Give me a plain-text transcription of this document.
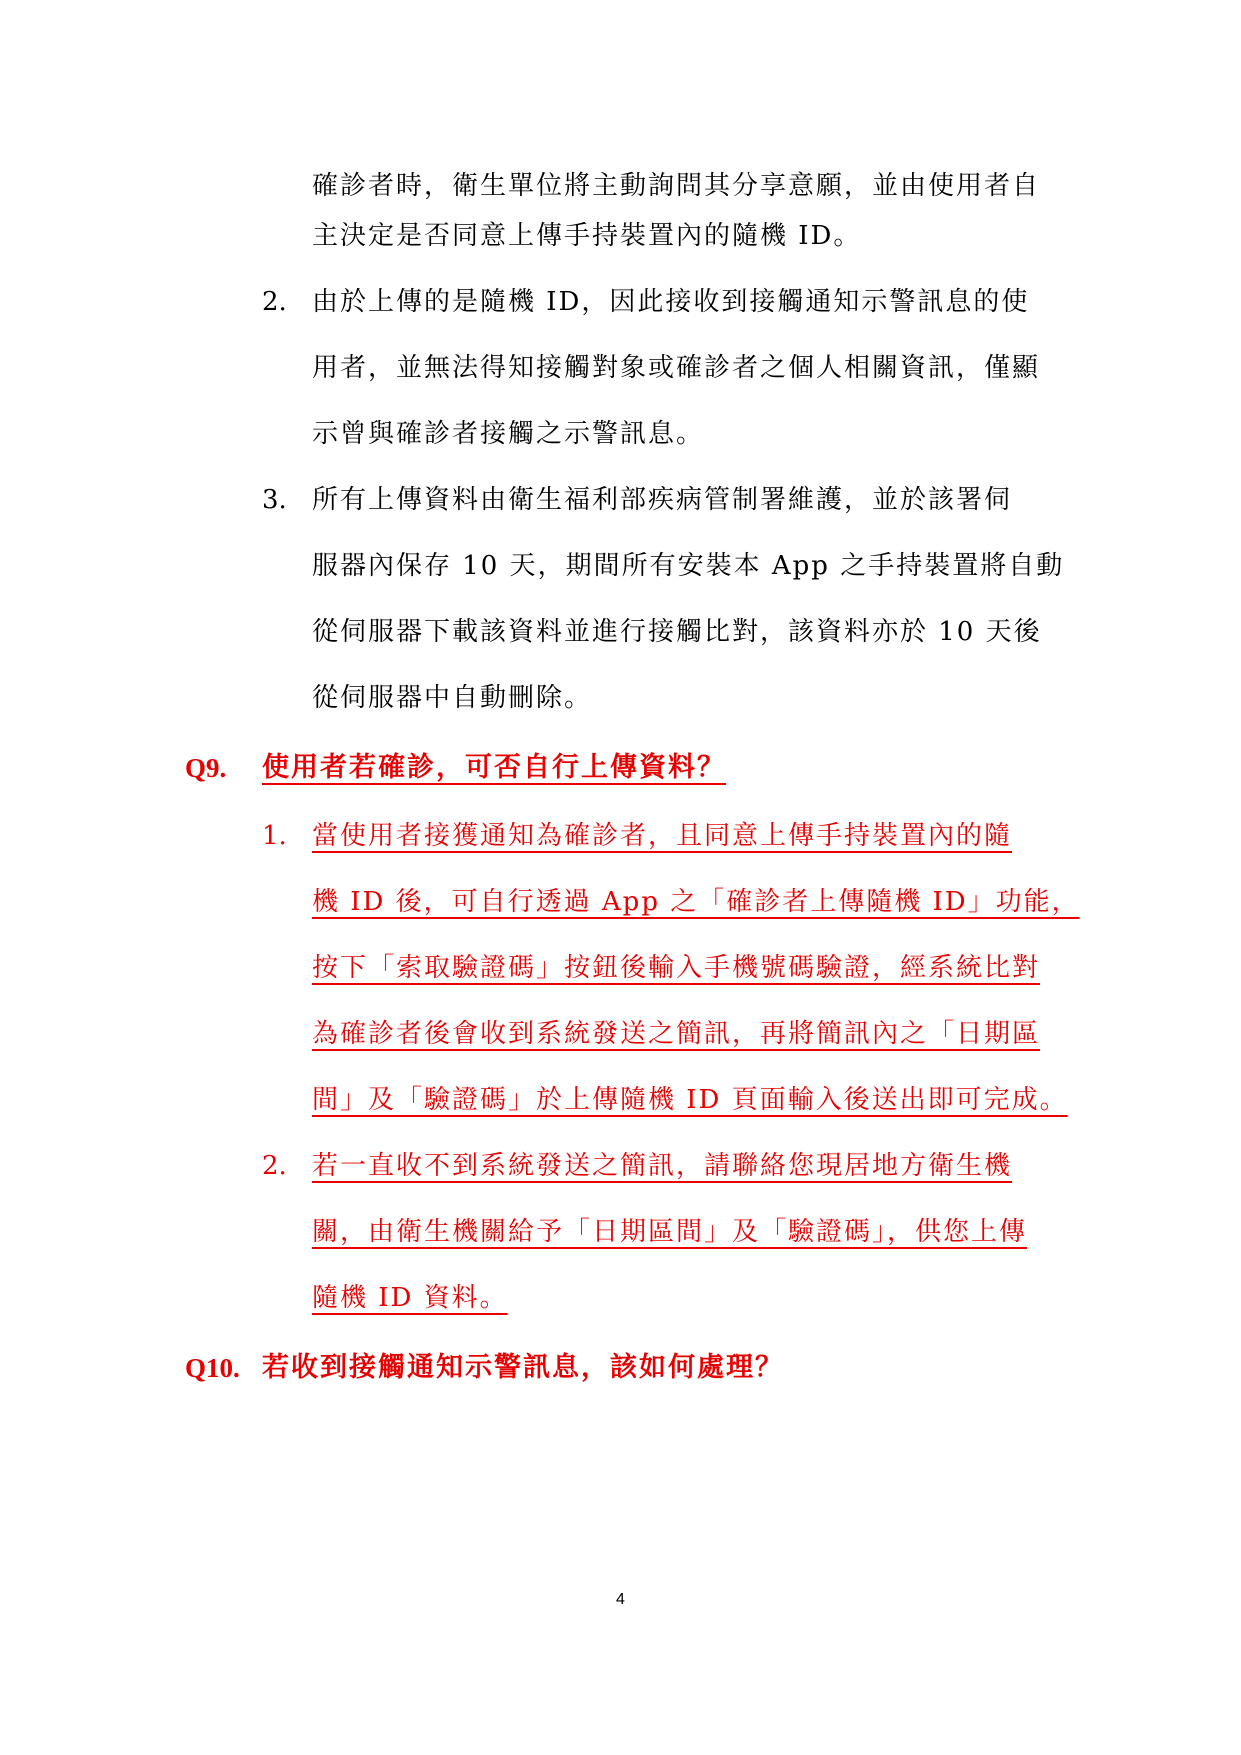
確診者時，衛生單位將主動詢問其分享意願，並由使用者自
主決定是否同意上傳手持裝置內的隨機 ID。
2. 由於上傳的是隨機 ID，因此接收到接觸通知示警訊息的使
用者，並無法得知接觸對象或確診者之個人相關資訊，僅顯
示曾與確診者接觸之示警訊息。
3. 所有上傳資料由衛生福利部疾病管制署維護，並於該署伺
服器內保存 10 天，期間所有安裝本 App 之手持裝置將自動
從伺服器下載該資料並進行接觸比對，該資料亦於 10 天後
從伺服器中自動刪除。
Q9. 使用者若確診，可否自行上傳資料？
1. 當使用者接獲通知為確診者，且同意上傳手持裝置內的隨
機 ID 後，可自行透過 App 之「確診者上傳隨機 ID」功能，
按下「索取驗證碼」按鈕後輸入手機號碼驗證，經系統比對
為確診者後會收到系統發送之簡訊，再將簡訊內之「日期區
間」及「驗證碼」於上傳隨機 ID 頁面輸入後送出即可完成。
2. 若一直收不到系統發送之簡訊，請聯絡您現居地方衛生機
關，由衛生機關給予「日期區間」及「驗證碼」，供您上傳
隨機 ID 資料。
Q10. 若收到接觸通知示警訊息，該如何處理？
4
